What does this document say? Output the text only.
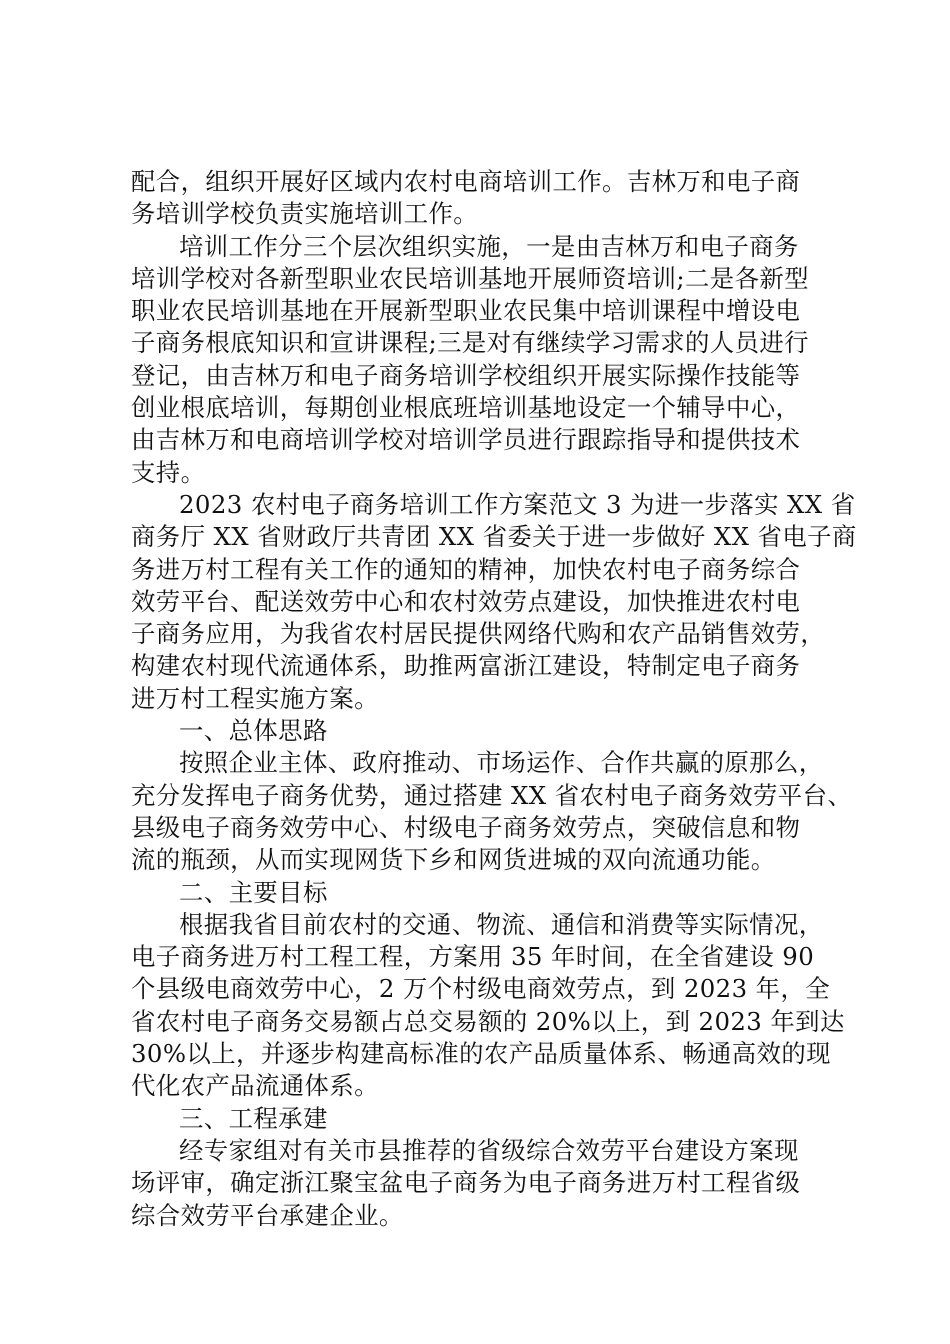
配合，组织开展好区域内农村电商培训工作。吉林万和电子商
务培训学校负责实施培训工作。
培训工作分三个层次组织实施，一是由吉林万和电子商务
培训学校对各新型职业农民培训基地开展师资培训;二是各新型
职业农民培训基地在开展新型职业农民集中培训课程中增设电
子商务根底知识和宣讲课程;三是对有继续学习需求的人员进行
登记，由吉林万和电子商务培训学校组织开展实际操作技能等
创业根底培训，每期创业根底班培训基地设定一个辅导中心，
由吉林万和电商培训学校对培训学员进行跟踪指导和提供技术
支持。
2023 农村电子商务培训工作方案范文 3 为进一步落实 XX 省
商务厅 XX 省财政厅共青团 XX 省委关于进一步做好 XX 省电子商
务进万村工程有关工作的通知的精神，加快农村电子商务综合
效劳平台、配送效劳中心和农村效劳点建设，加快推进农村电
子商务应用，为我省农村居民提供网络代购和农产品销售效劳，
构建农村现代流通体系，助推两富浙江建设，特制定电子商务
进万村工程实施方案。
一、总体思路
按照企业主体、政府推动、市场运作、合作共赢的原那么，
充分发挥电子商务优势，通过搭建 XX 省农村电子商务效劳平台、
县级电子商务效劳中心、村级电子商务效劳点，突破信息和物
流的瓶颈，从而实现网货下乡和网货进城的双向流通功能。
二、主要目标
根据我省目前农村的交通、物流、通信和消费等实际情况，
电子商务进万村工程工程，方案用 35 年时间，在全省建设 90
个县级电商效劳中心，2 万个村级电商效劳点，到 2023 年，全
省农村电子商务交易额占总交易额的 20%以上，到 2023 年到达
30%以上，并逐步构建高标准的农产品质量体系、畅通高效的现
代化农产品流通体系。
三、工程承建
经专家组对有关市县推荐的省级综合效劳平台建设方案现
场评审，确定浙江聚宝盆电子商务为电子商务进万村工程省级
综合效劳平台承建企业。
